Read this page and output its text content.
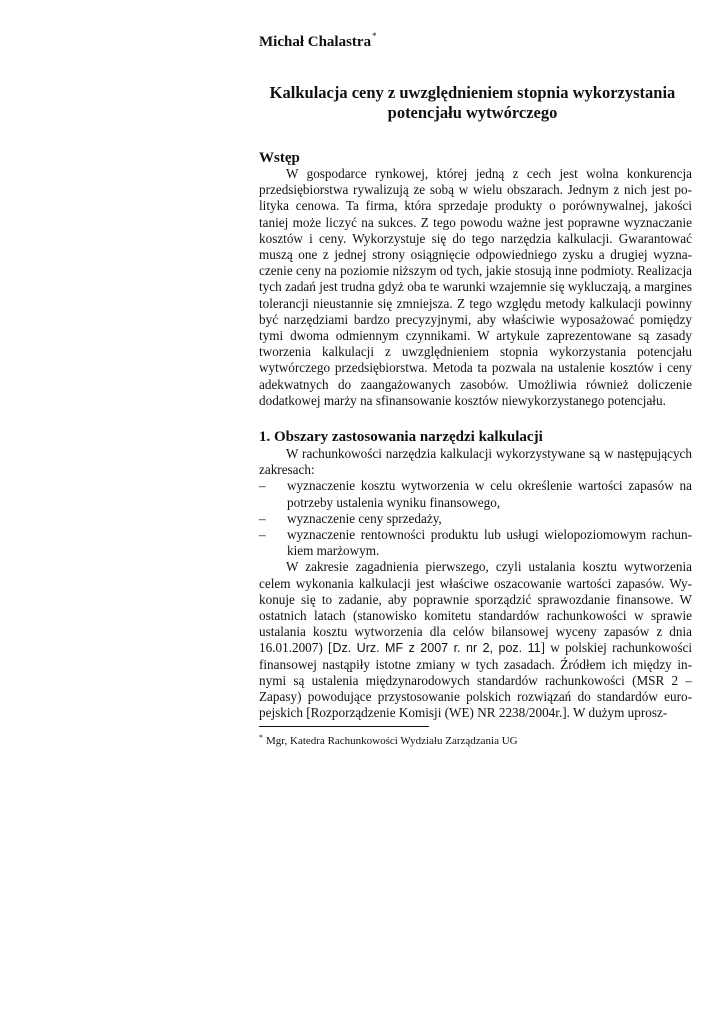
Michał Chalastra*
Kalkulacja ceny z uwzględnieniem stopnia wykorzystania
potencjału wytwórczego
Wstęp

W gospodarce rynkowej, której jedną z cech jest wolna konkurencja przedsiębiorstwa rywalizują ze sobą w wielu obszarach. Jednym z nich jest polityka cenowa. Ta firma, która sprzedaje produkty o porównywalnej, jakości taniej może liczyć na sukces. Z tego powodu ważne jest poprawne wyznaczanie kosztów i ceny. Wykorzystuje się do tego narzędzia kalkulacji. Gwarantować muszą one z jednej strony osiągnięcie odpowiedniego zysku a drugiej wyznaczenie ceny na poziomie niższym od tych, jakie stosują inne podmioty. Realizacja tych zadań jest trudna gdyż oba te warunki wzajemnie się wykluczają, a margines tolerancji nieustannie się zmniejsza. Z tego względu metody kalkulacji powinny być narzędziami bardzo precyzyjnymi, aby właściwie wyposażować pomiędzy tymi dwoma odmiennym czynnikami. W artykule zaprezentowane są zasady tworzenia kalkulacji z uwzględnieniem stopnia wykorzystania potencjału wytwórczego przedsiębiorstwa. Metoda ta pozwala na ustalenie kosztów i ceny adekwatnych do zaangażowanych zasobów. Umożliwia również doliczenie dodatkowej marży na sfinansowanie kosztów niewykorzystanego potencjału.

1. Obszary zastosowania narzędzi kalkulacji

W rachunkowości narzędzia kalkulacji wykorzystywane są w następujących zakresach:

– wyznaczenie kosztu wytworzenia w celu określenie wartości zapasów na potrzeby ustalenia wyniku finansowego,
– wyznaczenie ceny sprzedaży,
– wyznaczenie rentowności produktu lub usługi wielopoziomowym rachunkiem marżowym.

W zakresie zagadnienia pierwszego, czyli ustalania kosztu wytworzenia celem wykonania kalkulacji jest właściwe oszacowanie wartości zapasów. Wykonuje się to zadanie, aby poprawnie sporządzić sprawozdanie finansowe. W ostatnich latach (stanowisko komitetu standardów rachunkowości w sprawie ustalania kosztu wytworzenia dla celów bilansowej wyceny zapasów z dnia 16.01.2007) [Dz. Urz. MF z 2007 r. nr 2, poz. 11] w polskiej rachunkowości finansowej nastąpiły istotne zmiany w tych zasadach. Źródłem ich między innymi są ustalenia międzynarodowych standardów rachunkowości (MSR 2 – Zapasy) powodujące przystosowanie polskich rozwiązań do standardów europejskich [Rozporządzenie Komisji (WE) NR 2238/2004r.]. W dużym uprosz-

* Mgr, Katedra Rachunkowości Wydziału Zarządzania UG
